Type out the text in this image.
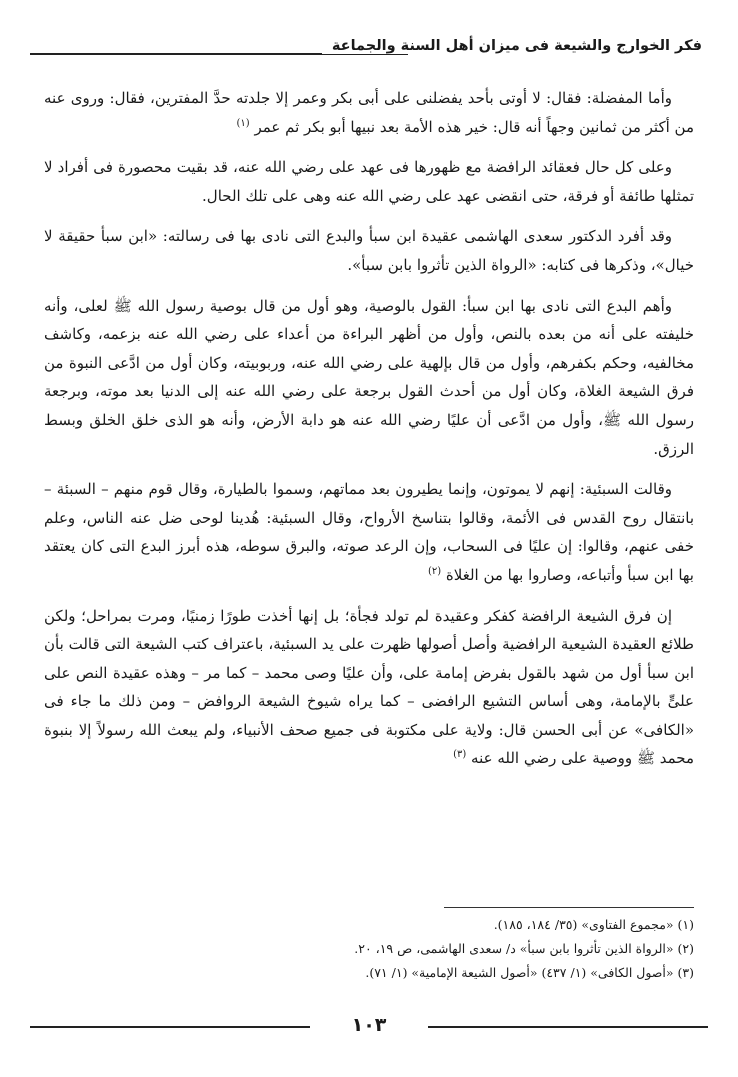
فكر الخوارج والشيعة فى ميزان أهل السنة والجماعة

وأما المفضلة: فقال: لا أوتى بأحد يفضلنى على أبى بكر وعمر إلا جلدته حدَّ المفترين، فقال: وروى عنه من أكثر من ثمانين وجهاً أنه قال: خير هذه الأمة بعد نبيها أبو بكر ثم عمر $^{(١)}$

وعلى كل حال فعقائد الرافضة مع ظهورها فى عهد على رضي الله عنه، قد بقيت محصورة فى أفراد لا تمثلها طائفة أو فرقة، حتى انقضى عهد على رضي الله عنه وهى على تلك الحال.

وقد أفرد الدكتور سعدى الهاشمى عقيدة ابن سبأ والبدع التى نادى بها فى رسالته: «ابن سبأ حقيقة لا خيال»، وذكرها فى كتابه: «الرواة الذين تأثروا بابن سبأ».

وأهم البدع التى نادى بها ابن سبأ: القول بالوصية، وهو أول من قال بوصية رسول الله ﷺ لعلى، وأنه خليفته على أنه من بعده بالنص، وأول من أظهر البراءة من أعداء على رضي الله عنه بزعمه، وكاشف مخالفيه، وحكم بكفرهم، وأول من قال بإلهية على رضي الله عنه، وربوبيته، وكان أول من ادَّعى النبوة من فرق الشيعة الغلاة، وكان أول من أحدث القول برجعة على رضي الله عنه إلى الدنيا بعد موته، وبرجعة رسول الله ﷺ، وأول من ادَّعى أن عليًا رضي الله عنه هو دابة الأرض، وأنه هو الذى خلق الخلق وبسط الرزق.

وقالت السبئية: إنهم لا يموتون، وإنما يطيرون بعد مماتهم، وسموا بالطيارة، وقال قوم منهم – السبئة – بانتقال روح القدس فى الأئمة، وقالوا بتناسخ الأرواح، وقال السبئية: هُدينا لوحى ضل عنه الناس، وعلم خفى عنهم، وقالوا: إن عليًا فى السحاب، وإن الرعد صوته، والبرق سوطه، هذه أبرز البدع التى كان يعتقد بها ابن سبأ وأتباعه، وصاروا بها من الغلاة $^{(٢)}$

إن فرق الشيعة الرافضة كفكر وعقيدة لم تولد فجأة؛ بل إنها أخذت طورًا زمنيًا، ومرت بمراحل؛ ولكن طلائع العقيدة الشيعية الرافضية وأصل أصولها ظهرت على يد السبئية، باعتراف كتب الشيعة التى قالت بأن ابن سبأ أول من شهد بالقول بفرض إمامة على، وأن عليًا وصى محمد – كما مر – وهذه عقيدة النص على علىٍّ بالإمامة، وهى أساس التشيع الرافضى – كما يراه شيوخ الشيعة الروافض – ومن ذلك ما جاء فى «الكافى» عن أبى الحسن قال: ولاية على مكتوبة فى جميع صحف الأنبياء، ولم يبعث الله رسولاً إلا بنبوة محمد ﷺ ووصية على رضي الله عنه $^{(٣)}$

(١) «مجموع الفتاوى» (٣٥/ ١٨٤، ١٨٥).
(٢) «الرواة الذين تأثروا بابن سبأ» د/ سعدى الهاشمى، ص ١٩، ٢٠.
(٣) «أصول الكافى» (١/ ٤٣٧) «أصول الشيعة الإمامية» (١/ ٧١).
١٠٣
